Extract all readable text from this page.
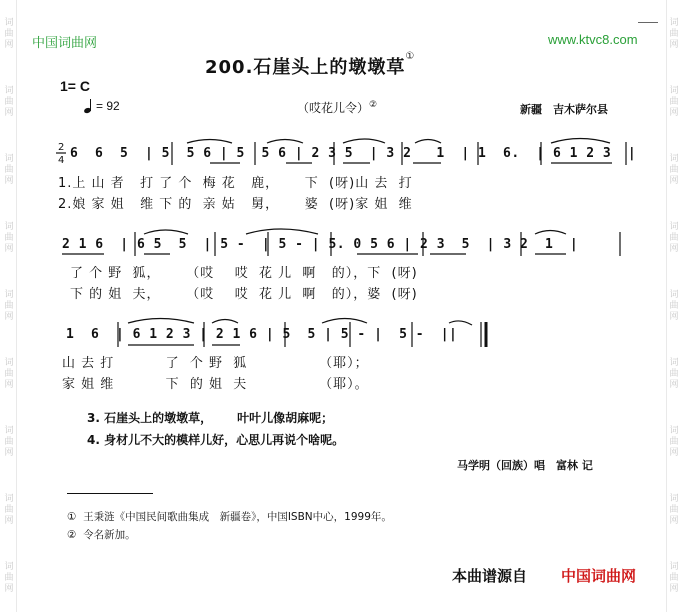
词
曲
网
词
曲
网
词
曲
网
词
曲
网
词
曲
网
词
曲
网
词
曲
网
词
曲
网
词
曲
网
词
曲
网
词
曲
网
词
曲
网
词
曲
网
词
曲
网
词
曲
网
词
曲
网
词
曲
网
词
曲
网
中国词曲网	www.ktvc8.com
200.石崖头上的墩墩草①
1= C
= 92	（哎花儿令）②	新疆　吉木萨尔县
2
4 6  6  5  | 5  5 6 | 5  5 6 | 2 3 5  | 3 2   1  | 1  6.  | 6 1 2 3  |
1.上 山 者   打 了 个  梅 花   鹿，     下  (呀)山 去  打
2.娘 家 姐   维 下 的  亲 姑   舅，     婆  (呀)家 姐  维
2 1 6  | 6 5  5  | 5 -  | 5 - | 5. 0 5 6 | 2 3  5  | 3 2  1  |
了 个 野  狐，     （哎    哎  花 儿  啊   的），下  (呀)
下 的 姐  夫，     （哎    哎  花 儿  啊   的），婆  (呀)
1  6  | 6 1 2 3 | 2 1 6 | 5  5 | 5 - |  5 -  ||
山 去 打          了  个 野  狐              （耶）；
家 姐 维          下  的 姐  夫              （耶）。
3. 石崖头上的墩墩草，      叶叶儿像胡麻呢；
4. 身材儿不大的模样儿好，心思儿再说个啥呢。
马学明（回族）唱　富林 记
①  王秉涟《中国民间歌曲集成　新疆卷》，中国ISBN中心，1999年。
②  令名新加。
本曲谱源自 中国词曲网
